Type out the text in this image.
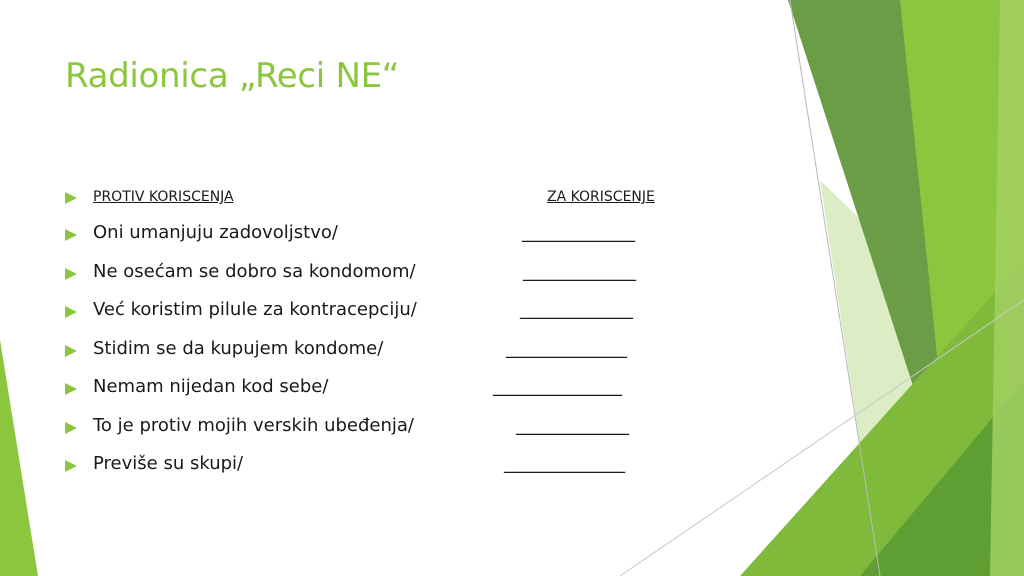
Radionica „Reci NE“
PROTIV KORISCENJA	ZA KORISCENJE
Oni umanjuju zadovoljstvo/	______________
Ne osećam se dobro sa kondomom/	______________
Već koristim pilule za kontracepciju/	______________
Stidim se da kupujem kondome/	_______________
Nemam nijedan kod sebe/	________________
To je protiv mojih verskih ubeđenja/	______________
Previše su skupi/	_______________
